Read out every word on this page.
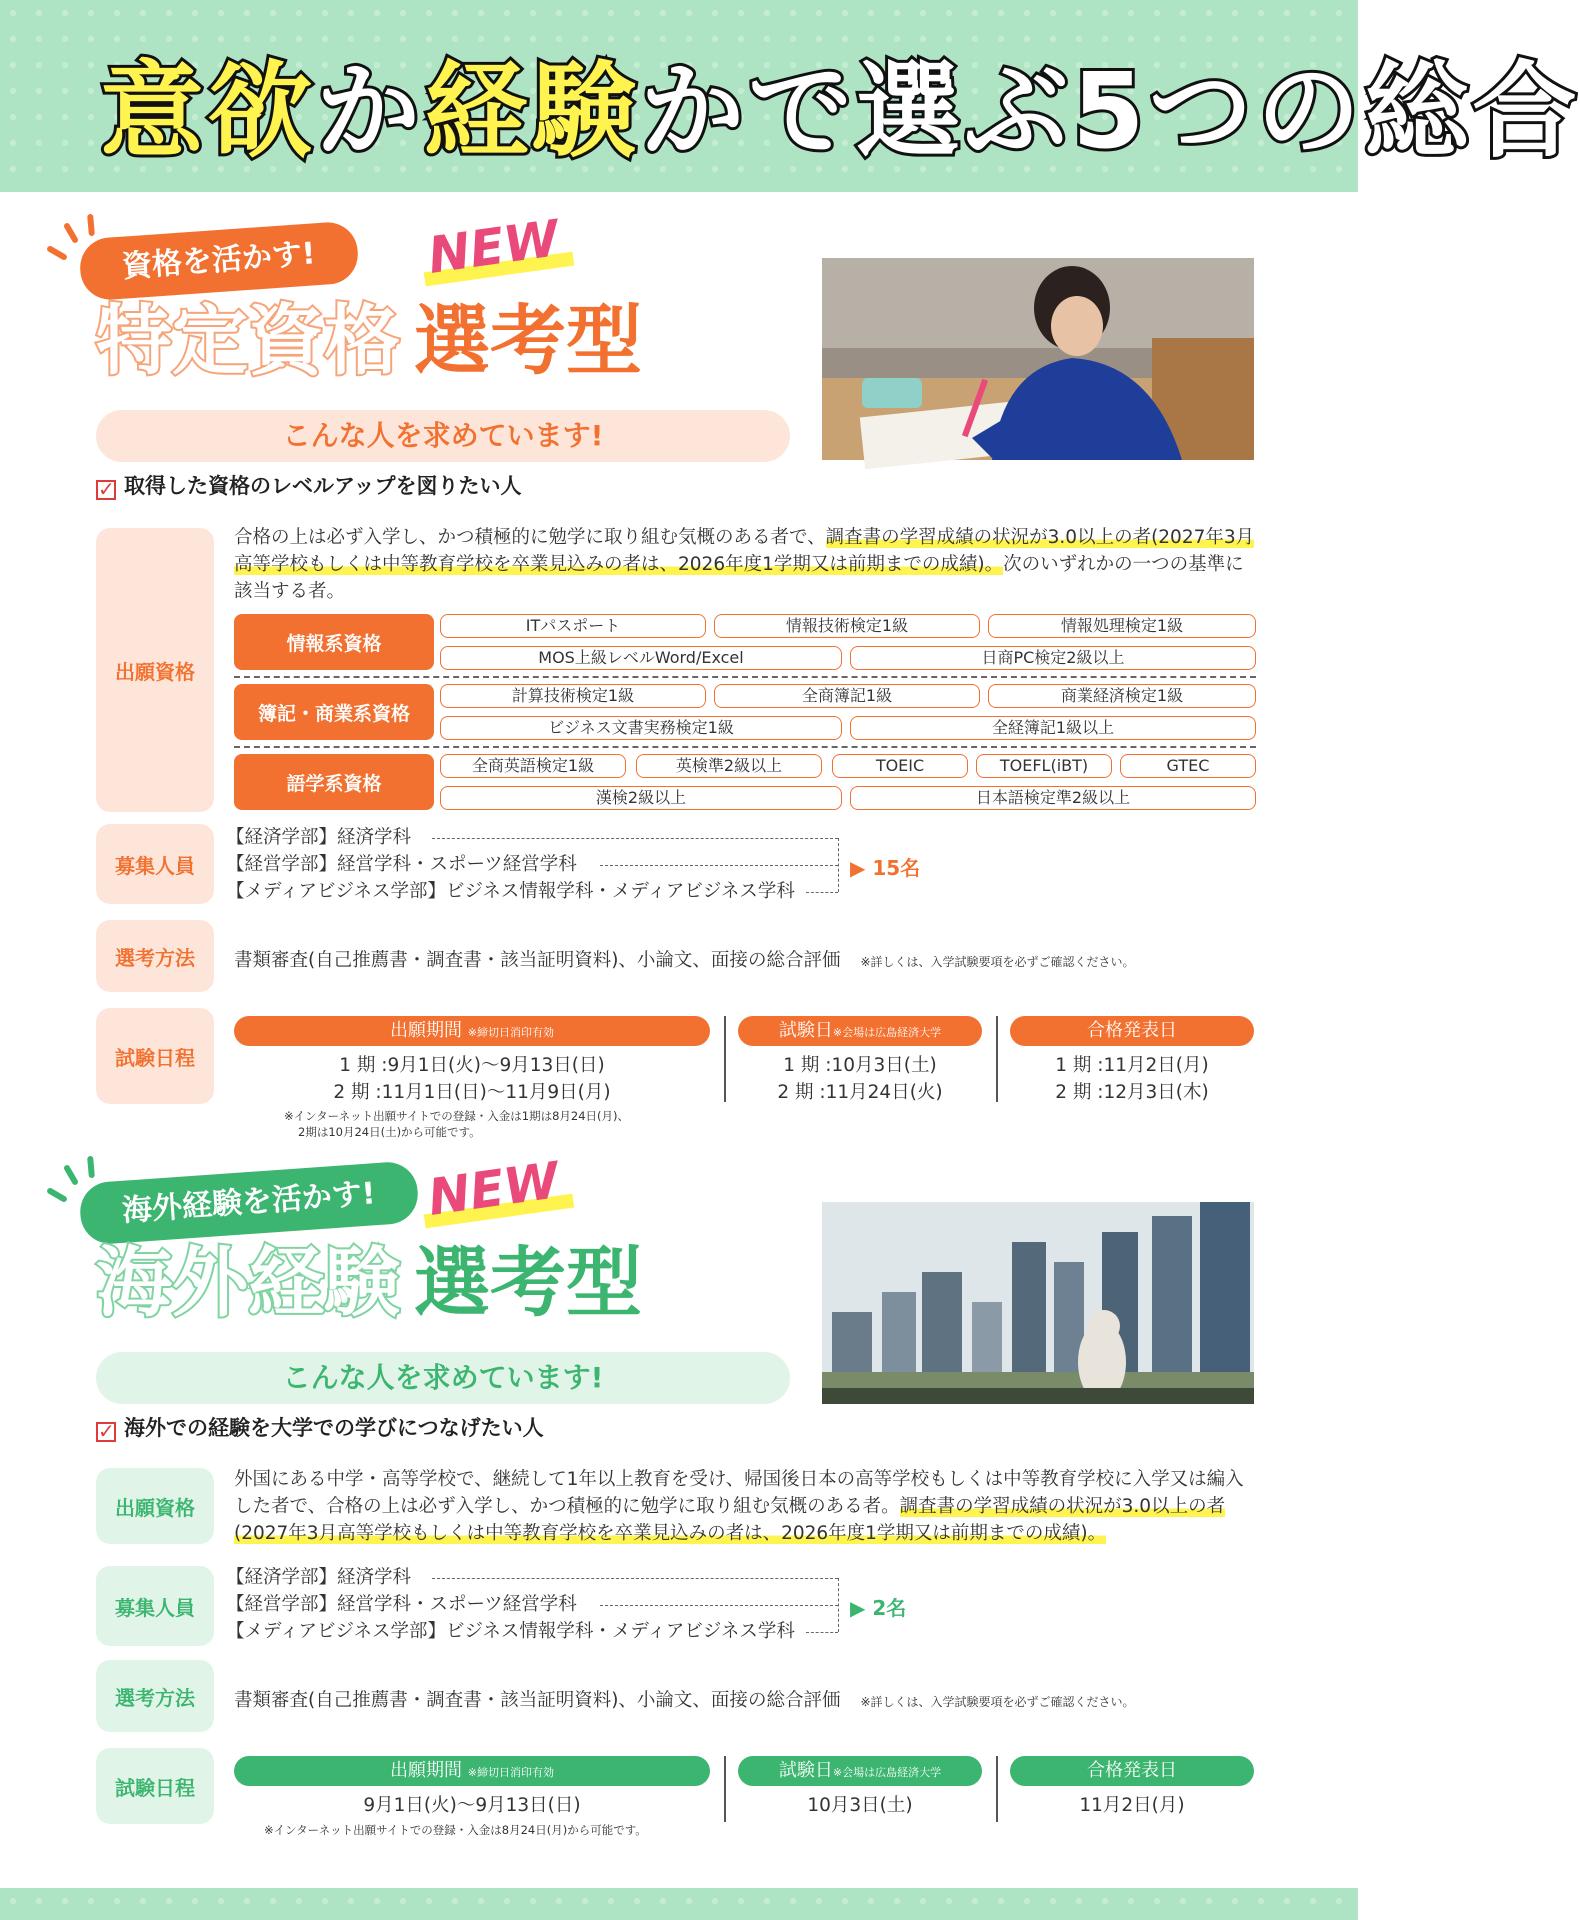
意欲か経験かで選ぶ5つの総合
資格を活かす!	NEW
特定資格 選考型
こんな人を求めています!
✓ 取得した資格のレベルアップを図りたい人
出願資格
合格の上は必ず入学し、かつ積極的に勉学に取り組む気概のある者で、調査書の学習成績の状況が3.0以上の者(2027年3月高等学校もしくは中等教育学校を卒業見込みの者は、2026年度1学期又は前期までの成績)。次のいずれかの一つの基準に該当する者。
情報系資格
ITパスポート	情報技術検定1級	情報処理検定1級
MOS上級レベルWord/Excel	日商PC検定2級以上
簿記・商業系資格
計算技術検定1級	全商簿記1級	商業経済検定1級
ビジネス文書実務検定1級	全経簿記1級以上
語学系資格
全商英語検定1級	英検準2級以上	TOEIC	TOEFL(iBT)	GTEC
漢検2級以上	日本語検定準2級以上
募集人員
【経済学部】経済学科
【経営学部】経営学科・スポーツ経営学科
【メディアビジネス学部】ビジネス情報学科・メディアビジネス学科
▶ 15名
選考方法	書類審査(自己推薦書・調査書・該当証明資料)、小論文、面接の総合評価 ※詳しくは、入学試験要項を必ずご確認ください。
試験日程
出願期間 ※締切日消印有効
1 期 :9月1日(火)〜9月13日(日)
2 期 :11月1日(日)〜11月9日(月)
※インターネット出願サイトでの登録・入金は1期は8月24日(月)、
2期は10月24日(土)から可能です。
試験日※会場は広島経済大学
1 期 :10月3日(土)
2 期 :11月24日(火)
合格発表日
1 期 :11月2日(月)
2 期 :12月3日(木)
海外経験を活かす! NEW
海外経験 選考型
こんな人を求めています!
✓ 海外での経験を大学での学びにつなげたい人
出願資格
外国にある中学・高等学校で、継続して1年以上教育を受け、帰国後日本の高等学校もしくは中等教育学校に入学又は編入した者で、合格の上は必ず入学し、かつ積極的に勉学に取り組む気概のある者。調査書の学習成績の状況が3.0以上の者(2027年3月高等学校もしくは中等教育学校を卒業見込みの者は、2026年度1学期又は前期までの成績)。
募集人員
【経済学部】経済学科
【経営学部】経営学科・スポーツ経営学科
【メディアビジネス学部】ビジネス情報学科・メディアビジネス学科
▶ 2名
選考方法	書類審査(自己推薦書・調査書・該当証明資料)、小論文、面接の総合評価 ※詳しくは、入学試験要項を必ずご確認ください。
試験日程
出願期間 ※締切日消印有効
9月1日(火)〜9月13日(日)
※インターネット出願サイトでの登録・入金は8月24日(月)から可能です。
試験日※会場は広島経済大学
10月3日(土)
合格発表日
11月2日(月)
